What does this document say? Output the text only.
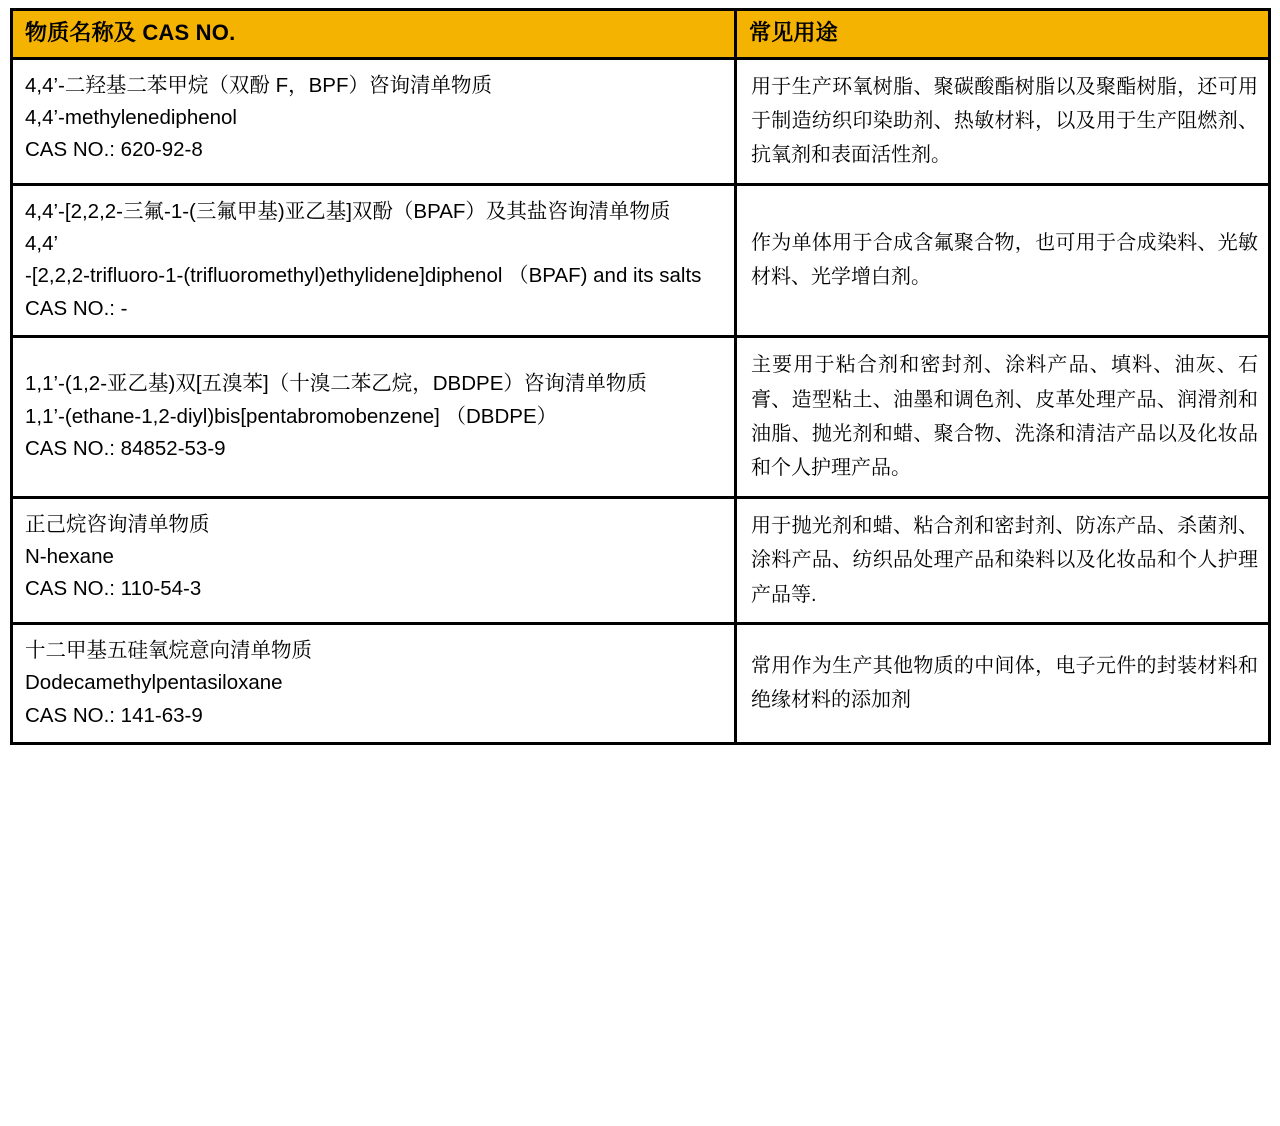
物质名称及 CAS NO.	常见用途

4,4’-二羟基二苯甲烷（双酚 F，BPF）咨询清单物质
4,4’-methylenediphenol
CAS NO.: 620-92-8	用于生产环氧树脂、聚碳酸酯树脂以及聚酯树脂，还可用于制造纺织印染助剂、热敏材料，以及用于生产阻燃剂、抗氧剂和表面活性剂。

4,4’-[2,2,2-三氟-1-(三氟甲基)亚乙基]双酚（BPAF）及其盐咨询清单物质
4,4’
-[2,2,2-trifluoro-1-(trifluoromethyl)ethylidene]diphenol （BPAF) and its salts
CAS NO.: -	作为单体用于合成含氟聚合物，也可用于合成染料、光敏材料、光学增白剂。

1,1’-(1,2-亚乙基)双[五溴苯]（十溴二苯乙烷，DBDPE）咨询清单物质
1,1’-(ethane-1,2-diyl)bis[pentabromobenzene] （DBDPE）
CAS NO.: 84852-53-9	主要用于粘合剂和密封剂、涂料产品、填料、油灰、石膏、造型粘土、油墨和调色剂、皮革处理产品、润滑剂和油脂、抛光剂和蜡、聚合物、洗涤和清洁产品以及化妆品和个人护理产品。

正己烷咨询清单物质
N-hexane
CAS NO.: 110-54-3	用于抛光剂和蜡、粘合剂和密封剂、防冻产品、杀菌剂、涂料产品、纺织品处理产品和染料以及化妆品和个人护理产品等.

十二甲基五硅氧烷意向清单物质
Dodecamethylpentasiloxane
CAS NO.: 141-63-9	常用作为生产其他物质的中间体，电子元件的封装材料和绝缘材料的添加剂
